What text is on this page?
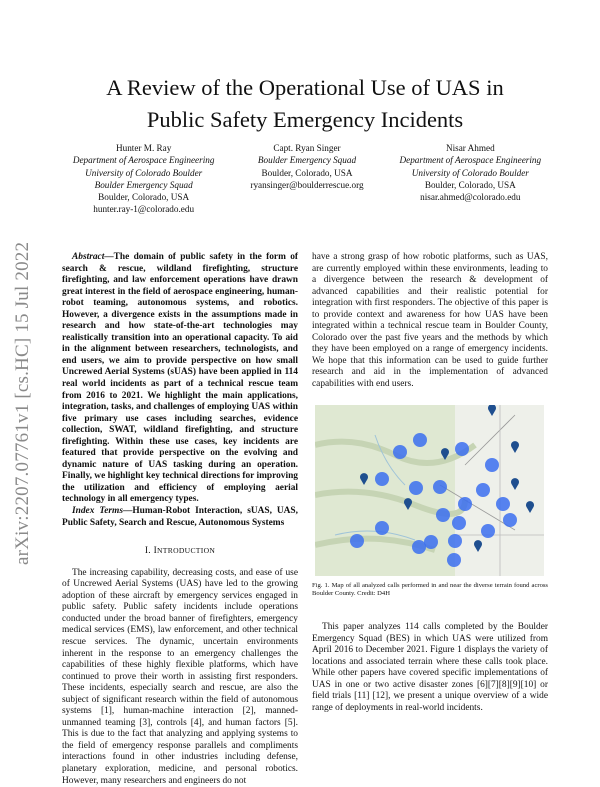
arXiv:2207.07761v1 [cs.HC] 15 Jul 2022
A Review of the Operational Use of UAS in
Public Safety Emergency Incidents
Hunter M. Ray
Department of Aerospace Engineering
University of Colorado Boulder
Boulder Emergency Squad
Boulder, Colorado, USA
hunter.ray-1@colorado.edu
Capt. Ryan Singer
Boulder Emergency Squad
Boulder, Colorado, USA
ryansinger@boulderrescue.org
Nisar Ahmed
Department of Aerospace Engineering
University of Colorado Boulder
Boulder, Colorado, USA
nisar.ahmed@colorado.edu
Abstract—The domain of public safety in the form of search & rescue, wildland firefighting, structure firefighting, and law enforcement operations have drawn great interest in the field of aerospace engineering, human-robot teaming, autonomous systems, and robotics. However, a divergence exists in the assumptions made in research and how state-of-the-art technologies may realistically transition into an operational capacity. To aid in the alignment between researchers, technologists, and end users, we aim to provide perspective on how small Uncrewed Aerial Systems (sUAS) have been applied in 114 real world incidents as part of a technical rescue team from 2016 to 2021. We highlight the main applications, integration, tasks, and challenges of employing UAS within five primary use cases including searches, evidence collection, SWAT, wildland firefighting, and structure firefighting. Within these use cases, key incidents are featured that provide perspective on the evolving and dynamic nature of UAS tasking during an operation. Finally, we highlight key technical directions for improving the utilization and efficiency of employing aerial technology in all emergency types.
Index Terms—Human-Robot Interaction, sUAS, UAS, Public Safety, Search and Rescue, Autonomous Systems
I. INTRODUCTION

The increasing capability, decreasing costs, and ease of use of Uncrewed Aerial Systems (UAS) have led to the growing adoption of these aircraft by emergency services engaged in public safety. Public safety incidents include operations conducted under the broad banner of firefighters, emergency medical services (EMS), law enforcement, and other technical rescue services. The dynamic, uncertain environments inherent in the response to an emergency challenges the capabilities of these highly flexible platforms, which have continued to prove their worth in assisting first responders. These incidents, especially search and rescue, are also the subject of significant research within the field of autonomous systems [1], human-machine interaction [2], manned-unmanned teaming [3], controls [4], and human factors [5]. This is due to the fact that analyzing and applying systems to the field of emergency response parallels and compliments interactions found in other industries including defense, planetary exploration, medicine, and personal robotics. However, many researchers and engineers do not

have a strong grasp of how robotic platforms, such as UAS, are currently employed within these environments, leading to a divergence between the research & development of advanced capabilities and their realistic potential for integration with first responders. The objective of this paper is to provide context and awareness for how UAS have been integrated within a technical rescue team in Boulder County, Colorado over the past five years and the methods by which they have been employed on a range of emergency incidents. We hope that this information can be used to guide further research and aid in the implementation of advanced capabilities with end users.

Fig. 1. Map of all analyzed calls performed in and near the diverse terrain found across Boulder County. Credit: D4H

This paper analyzes 114 calls completed by the Boulder Emergency Squad (BES) in which UAS were utilized from April 2016 to December 2021. Figure 1 displays the variety of locations and associated terrain where these calls took place. While other papers have covered specific implementations of UAS in one or two active disaster zones [6][7][8][9][10] or field trials [11] [12], we present a unique overview of a wide range of deployments in real-world incidents.
